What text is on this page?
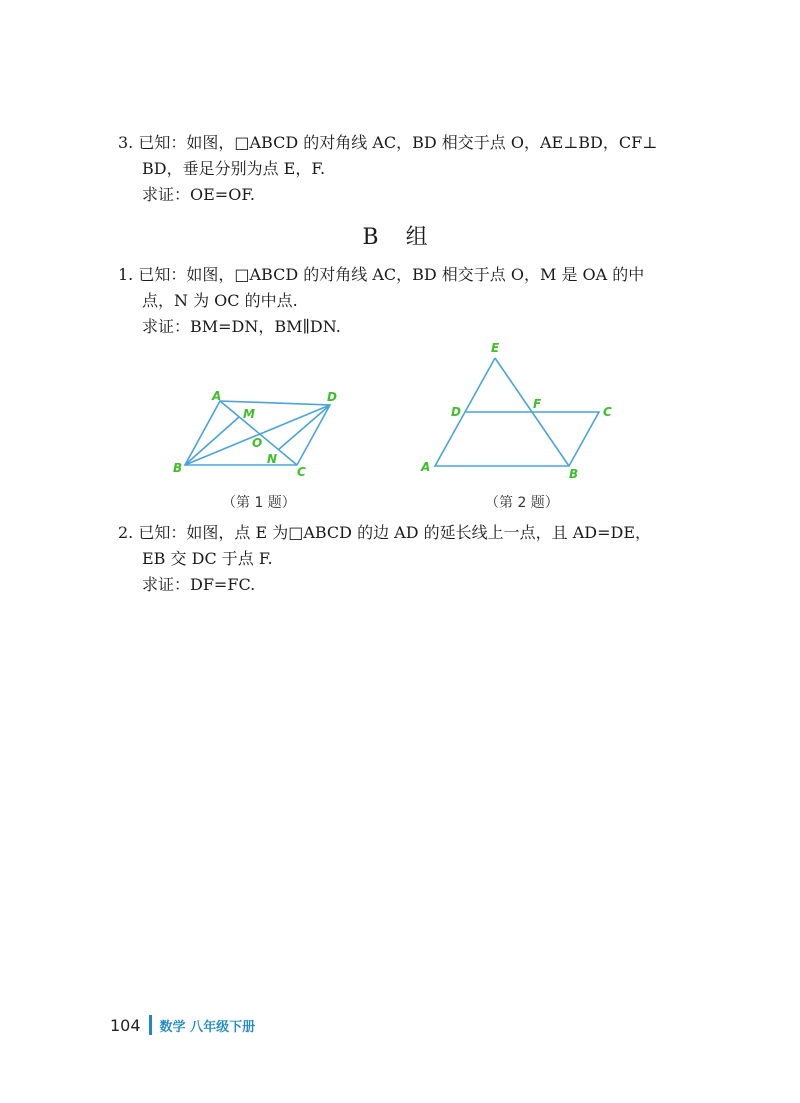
3. 已知：如图，□ABCD 的对角线 AC，BD 相交于点 O，AE⊥BD，CF⊥
BD，垂足分别为点 E，F.
求证：OE=OF.
B 组
1. 已知：如图，□ABCD 的对角线 AC，BD 相交于点 O，M 是 OA 的中
点，N 为 OC 的中点.
求证：BM=DN，BM∥DN.
A	D
M
O
N
B	C
（第 1 题）
E
D
F
C
A	B
（第 2 题）
2. 已知：如图，点 E 为□ABCD 的边 AD 的延长线上一点，且 AD=DE，
EB 交 DC 于点 F.
求证：DF=FC.
104 数学 八年级下册
